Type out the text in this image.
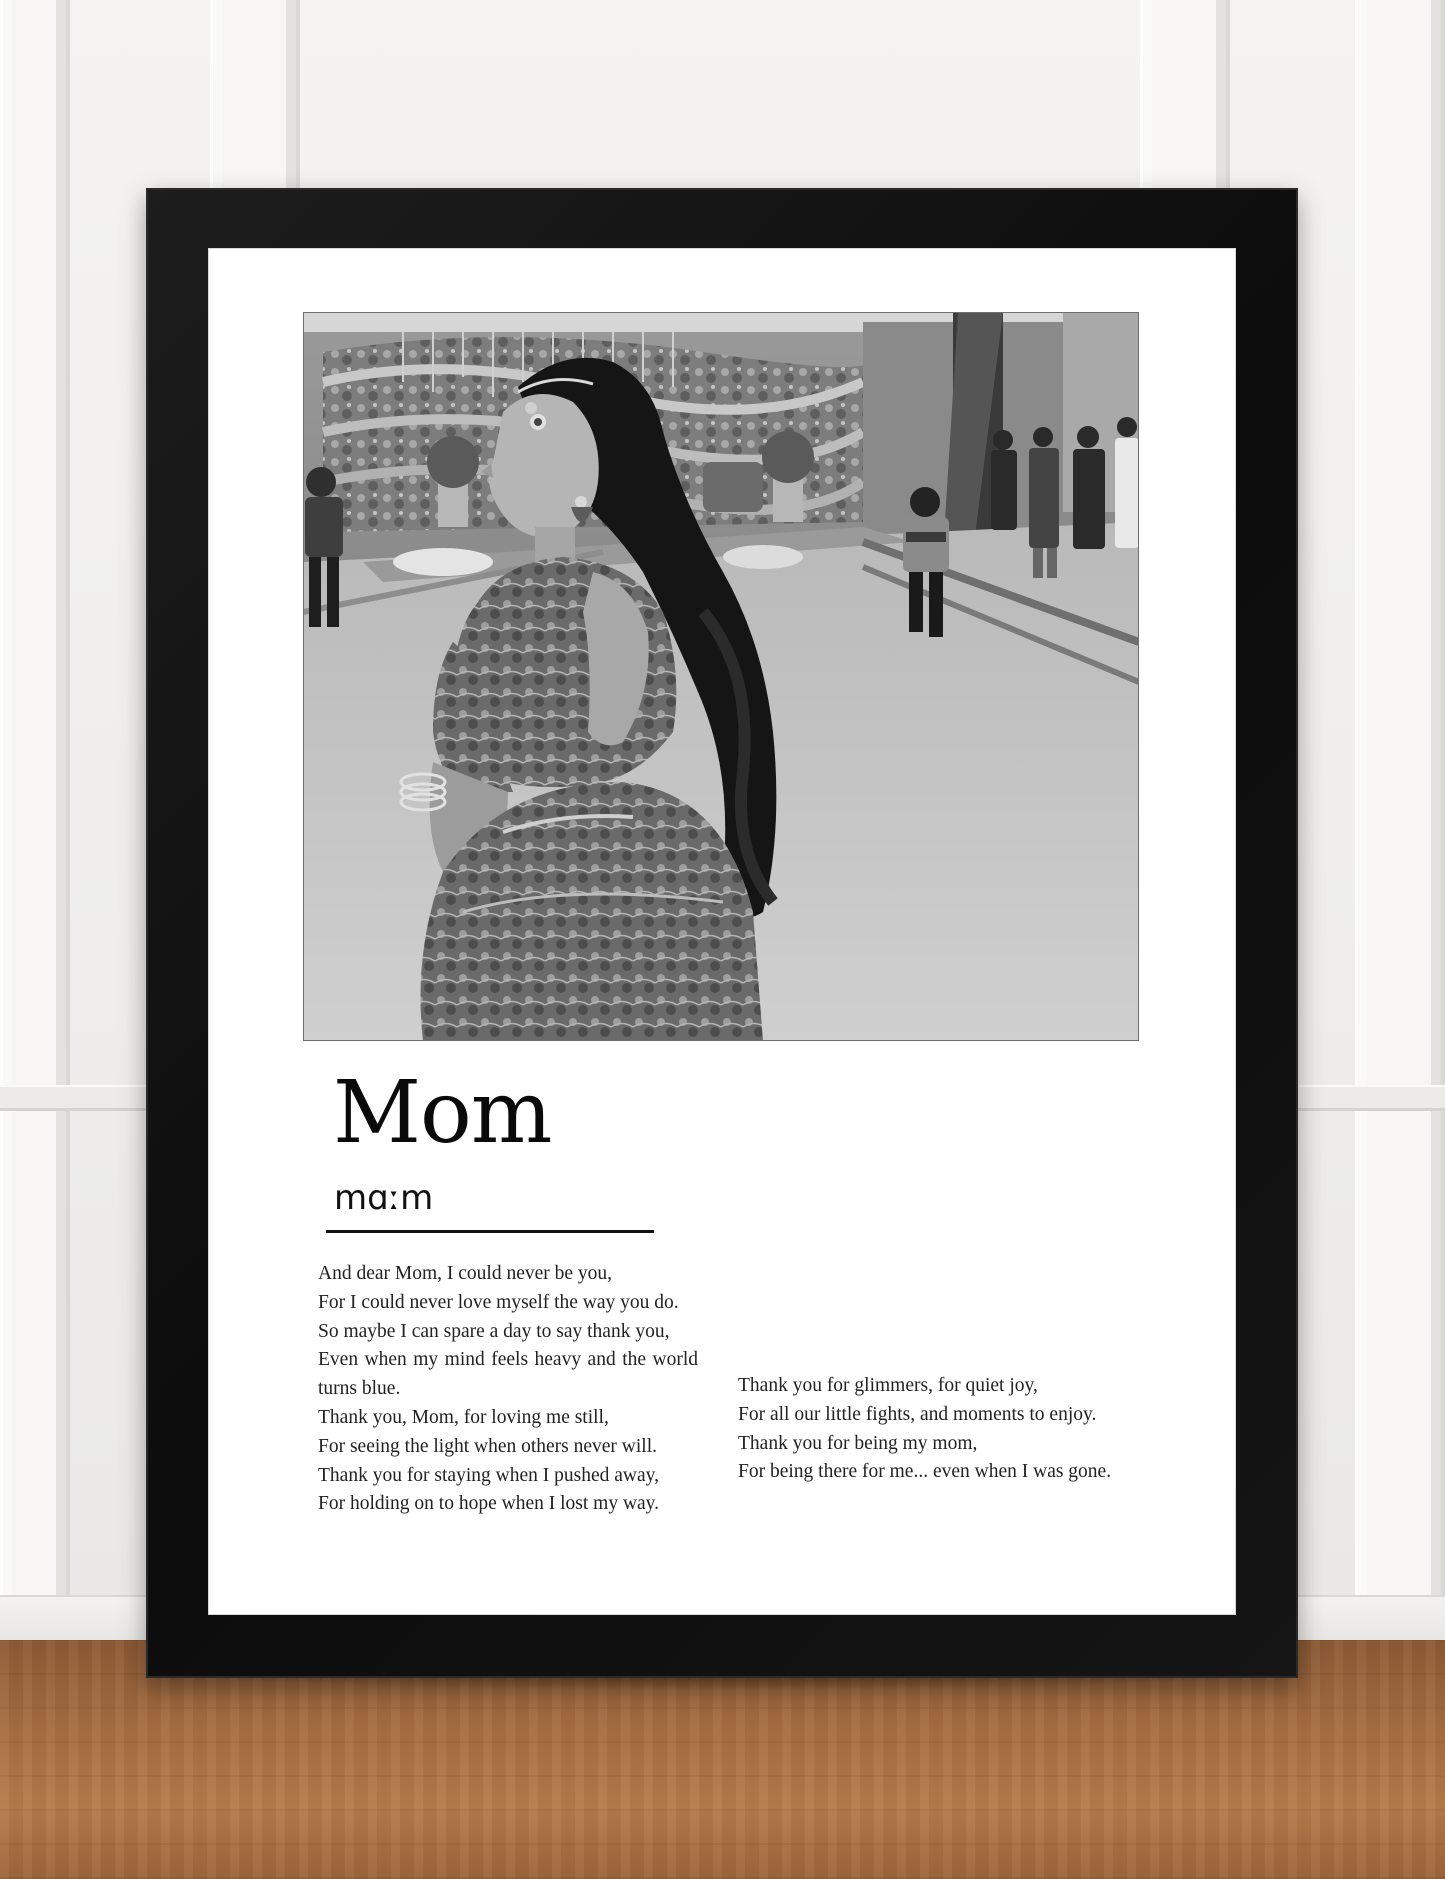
Mom
mɑːm
And dear Mom, I could never be you,
For I could never love myself the way you do.
So maybe I can spare a day to say thank you,
Even when my mind feels heavy and the world turns blue.
Thank you, Mom, for loving me still,
For seeing the light when others never will.
Thank you for staying when I pushed away,
For holding on to hope when I lost my way.
Thank you for glimmers, for quiet joy,
For all our little fights, and moments to enjoy.
Thank you for being my mom,
For being there for me... even when I was gone.
